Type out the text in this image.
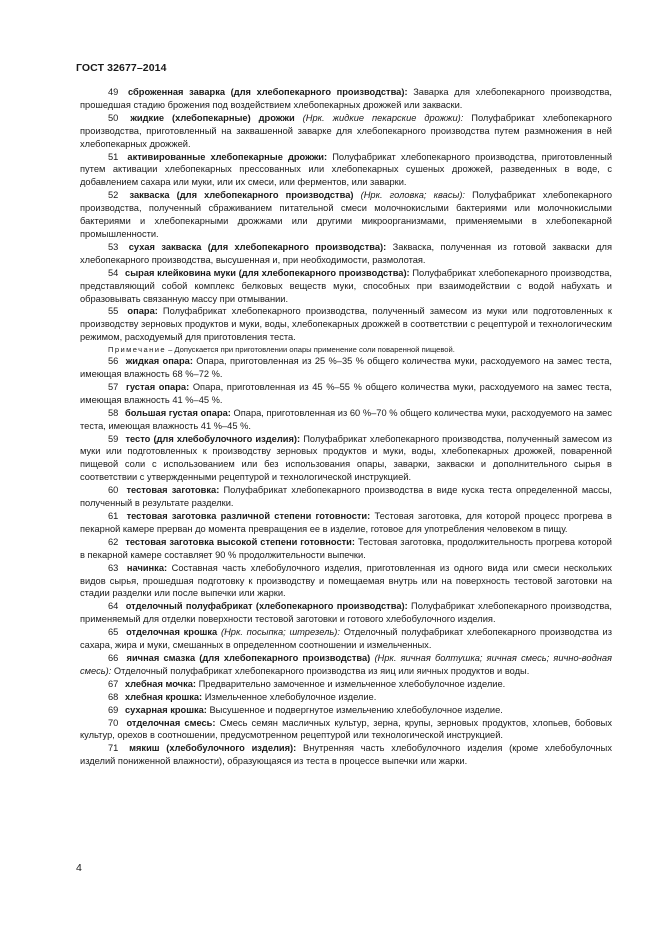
ГОСТ 32677–2014

49 сброженная заварка (для хлебопекарного производства): Заварка для хлебопекарного производства, прошедшая стадию брожения под воздействием хлебопекарных дрожжей или закваски.

50 жидкие (хлебопекарные) дрожжи (Нрк. жидкие пекарские дрожжи): Полуфабрикат хлебопекарного производства, приготовленный на заквашенной заварке для хлебопекарного производства путем размножения в ней хлебопекарных дрожжей.

51 активированные хлебопекарные дрожжи: Полуфабрикат хлебопекарного производства, приготовленный путем активации хлебопекарных прессованных или хлебопекарных сушеных дрожжей, разведенных в воде, с добавлением сахара или муки, или их смеси, или ферментов, или заварки.

52 закваска (для хлебопекарного производства) (Нрк. головка; квасы): Полуфабрикат хлебопекарного производства, полученный сбраживанием питательной смеси молочнокислыми бактериями или молочнокислыми бактериями и хлебопекарными дрожжами или другими микроорганизмами, применяемыми в хлебопекарной промышленности.

53 сухая закваска (для хлебопекарного производства): Закваска, полученная из готовой закваски для хлебопекарного производства, высушенная и, при необходимости, размолотая.

54 сырая клейковина муки (для хлебопекарного производства): Полуфабрикат хлебопекарного производства, представляющий собой комплекс белковых веществ муки, способных при взаимодействии с водой набухать и образовывать связанную массу при отмывании.

55 опара: Полуфабрикат хлебопекарного производства, полученный замесом из муки или подготовленных к производству зерновых продуктов и муки, воды, хлебопекарных дрожжей в соответствии с рецептурой и технологическим режимом, расходуемый для приготовления теста.

Примечание – Допускается при приготовлении опары применение соли поваренной пищевой.

56 жидкая опара: Опара, приготовленная из 25 %–35 % общего количества муки, расходуемого на замес теста, имеющая влажность 68 %–72 %.

57 густая опара: Опара, приготовленная из 45 %–55 % общего количества муки, расходуемого на замес теста, имеющая влажность 41 %–45 %.

58 большая густая опара: Опара, приготовленная из 60 %–70 % общего количества муки, расходуемого на замес теста, имеющая влажность 41 %–45 %.

59 тесто (для хлебобулочного изделия): Полуфабрикат хлебопекарного производства, полученный замесом из муки или подготовленных к производству зерновых продуктов и муки, воды, хлебопекарных дрожжей, поваренной пищевой соли с использованием или без использования опары, заварки, закваски и дополнительного сырья в соответствии с утвержденными рецептурой и технологической инструкцией.

60 тестовая заготовка: Полуфабрикат хлебопекарного производства в виде куска теста определенной массы, полученный в результате разделки.

61 тестовая заготовка различной степени готовности: Тестовая заготовка, для которой процесс прогрева в пекарной камере прерван до момента превращения ее в изделие, готовое для употребления человеком в пищу.

62 тестовая заготовка высокой степени готовности: Тестовая заготовка, продолжительность прогрева которой в пекарной камере составляет 90 % продолжительности выпечки.

63 начинка: Составная часть хлебобулочного изделия, приготовленная из одного вида или смеси нескольких видов сырья, прошедшая подготовку к производству и помещаемая внутрь или на поверхность тестовой заготовки на стадии разделки или после выпечки или жарки.

64 отделочный полуфабрикат (хлебопекарного производства): Полуфабрикат хлебопекарного производства, применяемый для отделки поверхности тестовой заготовки и готового хлебобулочного изделия.

65 отделочная крошка (Нрк. посыпка; штрезель): Отделочный полуфабрикат хлебопекарного производства из сахара, жира и муки, смешанных в определенном соотношении и измельченных.

66 яичная смазка (для хлебопекарного производства) (Нрк. яичная болтушка; яичная смесь; яично-водная смесь): Отделочный полуфабрикат хлебопекарного производства из яиц или яичных продуктов и воды.

67 хлебная мочка: Предварительно замоченное и измельченное хлебобулочное изделие.

68 хлебная крошка: Измельченное хлебобулочное изделие.

69 сухарная крошка: Высушенное и подвергнутое измельчению хлебобулочное изделие.

70 отделочная смесь: Смесь семян масличных культур, зерна, крупы, зерновых продуктов, хлопьев, бобовых культур, орехов в соотношении, предусмотренном рецептурой или технологической инструкцией.

71 мякиш (хлебобулочного изделия): Внутренняя часть хлебобулочного изделия (кроме хлебобулочных изделий пониженной влажности), образующаяся из теста в процессе выпечки или жарки.

4
